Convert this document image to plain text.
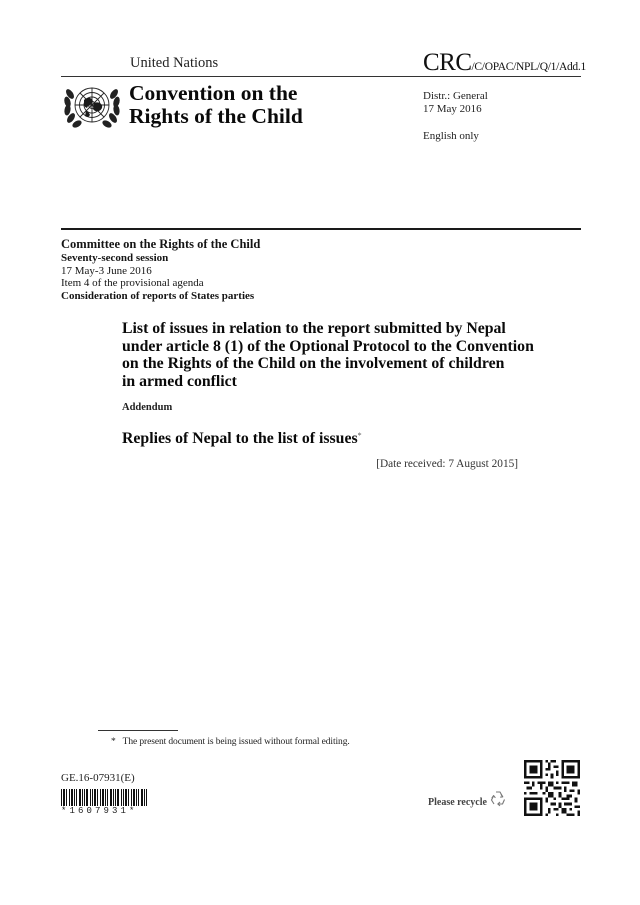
United Nations	CRC/C/OPAC/NPL/Q/1/Add.1
Convention on the
Rights of the Child
Distr.: General
17 May 2016
English only
Committee on the Rights of the Child
Seventy-second session
17 May-3 June 2016
Item 4 of the provisional agenda
Consideration of reports of States parties
List of issues in relation to the report submitted by Nepal
under article 8 (1) of the Optional Protocol to the Convention
on the Rights of the Child on the involvement of children
in armed conflict
Addendum
Replies of Nepal to the list of issues*
[Date received: 7 August 2015]
* The present document is being issued without formal editing.
GE.16-07931(E)
*1607931*
Please recycle
